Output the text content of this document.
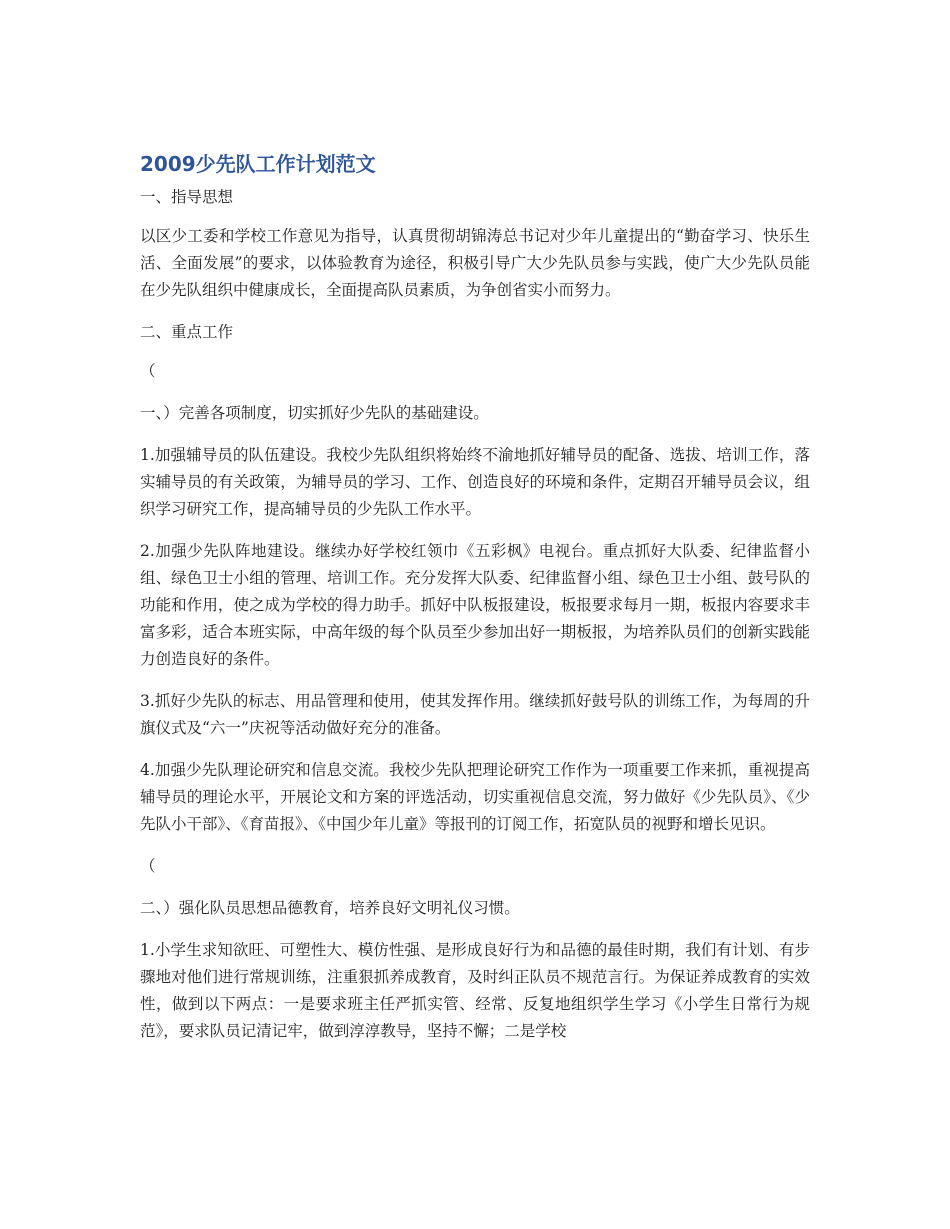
2009少先队工作计划范文
一、指导思想
以区少工委和学校工作意见为指导，认真贯彻胡锦涛总书记对少年儿童提出的“勤奋学习、快乐生活、全面发展”的要求，以体验教育为途径，积极引导广大少先队员参与实践，使广大少先队员能在少先队组织中健康成长，全面提高队员素质，为争创省实小而努力。
二、重点工作
（
一、）完善各项制度，切实抓好少先队的基础建设。
1.加强辅导员的队伍建设。我校少先队组织将始终不渝地抓好辅导员的配备、选拔、培训工作，落实辅导员的有关政策，为辅导员的学习、工作、创造良好的环境和条件，定期召开辅导员会议，组织学习研究工作，提高辅导员的少先队工作水平。
2.加强少先队阵地建设。继续办好学校红领巾《五彩枫》电视台。重点抓好大队委、纪律监督小组、绿色卫士小组的管理、培训工作。充分发挥大队委、纪律监督小组、绿色卫士小组、鼓号队的功能和作用，使之成为学校的得力助手。抓好中队板报建设，板报要求每月一期，板报内容要求丰富多彩，适合本班实际，中高年级的每个队员至少参加出好一期板报，为培养队员们的创新实践能力创造良好的条件。
3.抓好少先队的标志、用品管理和使用，使其发挥作用。继续抓好鼓号队的训练工作，为每周的升旗仪式及“六一”庆祝等活动做好充分的准备。
4.加强少先队理论研究和信息交流。我校少先队把理论研究工作作为一项重要工作来抓，重视提高辅导员的理论水平，开展论文和方案的评选活动，切实重视信息交流，努力做好《少先队员》、《少先队小干部》、《育苗报》、《中国少年儿童》等报刊的订阅工作，拓宽队员的视野和增长见识。
（
二、）强化队员思想品德教育，培养良好文明礼仪习惯。
1.小学生求知欲旺、可塑性大、模仿性强、是形成良好行为和品德的最佳时期，我们有计划、有步骤地对他们进行常规训练，注重狠抓养成教育，及时纠正队员不规范言行。为保证养成教育的实效性，做到以下两点：一是要求班主任严抓实管、经常、反复地组织学生学习《小学生日常行为规范》，要求队员记清记牢，做到淳淳教导，坚持不懈；二是学校
